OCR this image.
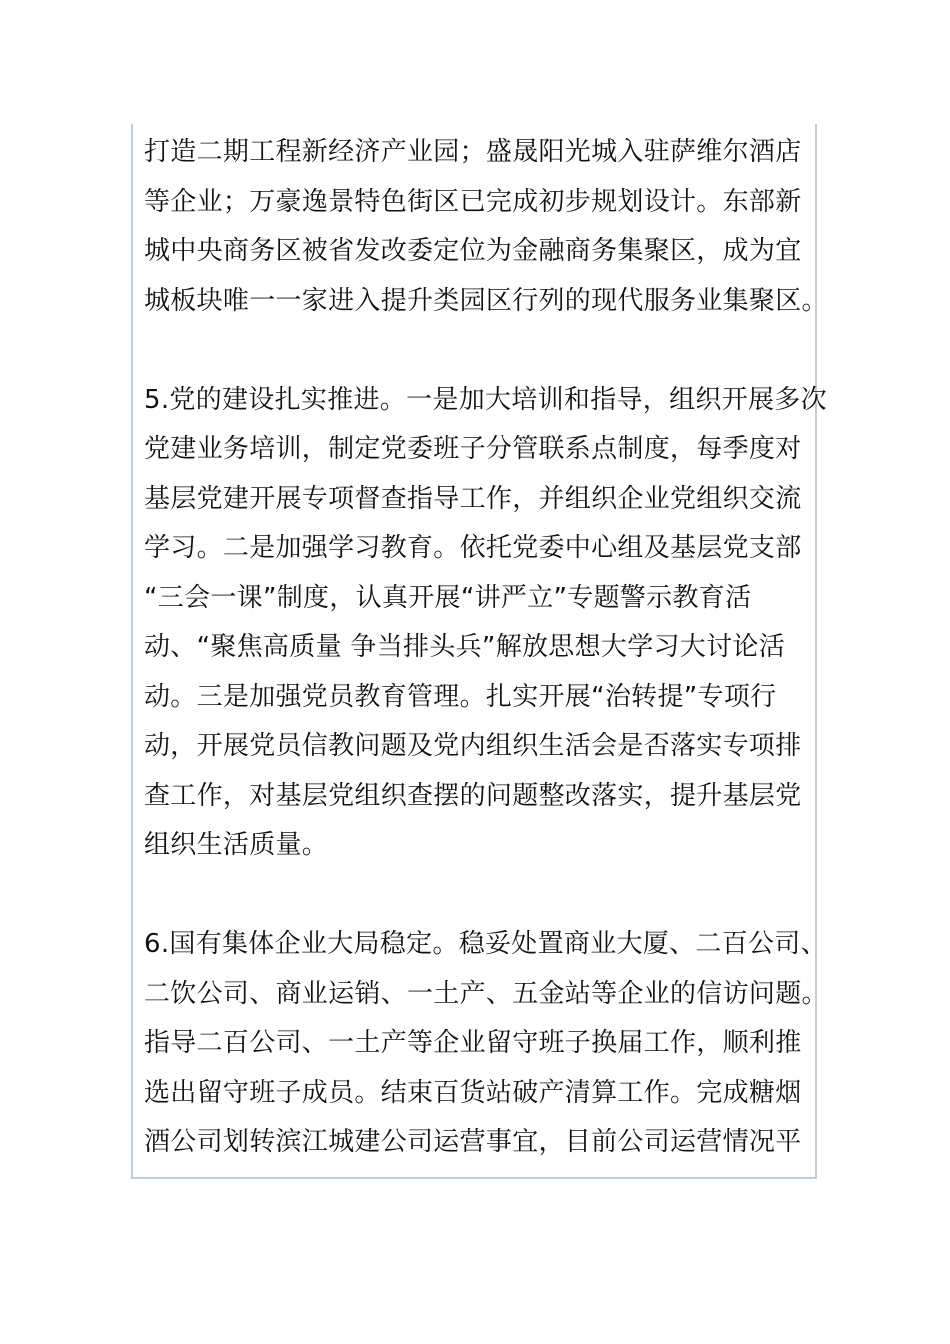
打造二期工程新经济产业园；盛晟阳光城入驻萨维尔酒店
等企业；万豪逸景特色街区已完成初步规划设计。东部新
城中央商务区被省发改委定位为金融商务集聚区，成为宜
城板块唯一一家进入提升类园区行列的现代服务业集聚区。
5.党的建设扎实推进。一是加大培训和指导，组织开展多次
党建业务培训，制定党委班子分管联系点制度，每季度对
基层党建开展专项督查指导工作，并组织企业党组织交流
学习。二是加强学习教育。依托党委中心组及基层党支部
“三会一课”制度，认真开展“讲严立”专题警示教育活
动、“聚焦高质量 争当排头兵”解放思想大学习大讨论活
动。三是加强党员教育管理。扎实开展“治转提”专项行
动，开展党员信教问题及党内组织生活会是否落实专项排
查工作，对基层党组织查摆的问题整改落实，提升基层党
组织生活质量。
6.国有集体企业大局稳定。稳妥处置商业大厦、二百公司、
二饮公司、商业运销、一土产、五金站等企业的信访问题。
指导二百公司、一土产等企业留守班子换届工作，顺利推
选出留守班子成员。结束百货站破产清算工作。完成糖烟
酒公司划转滨江城建公司运营事宜，目前公司运营情况平
